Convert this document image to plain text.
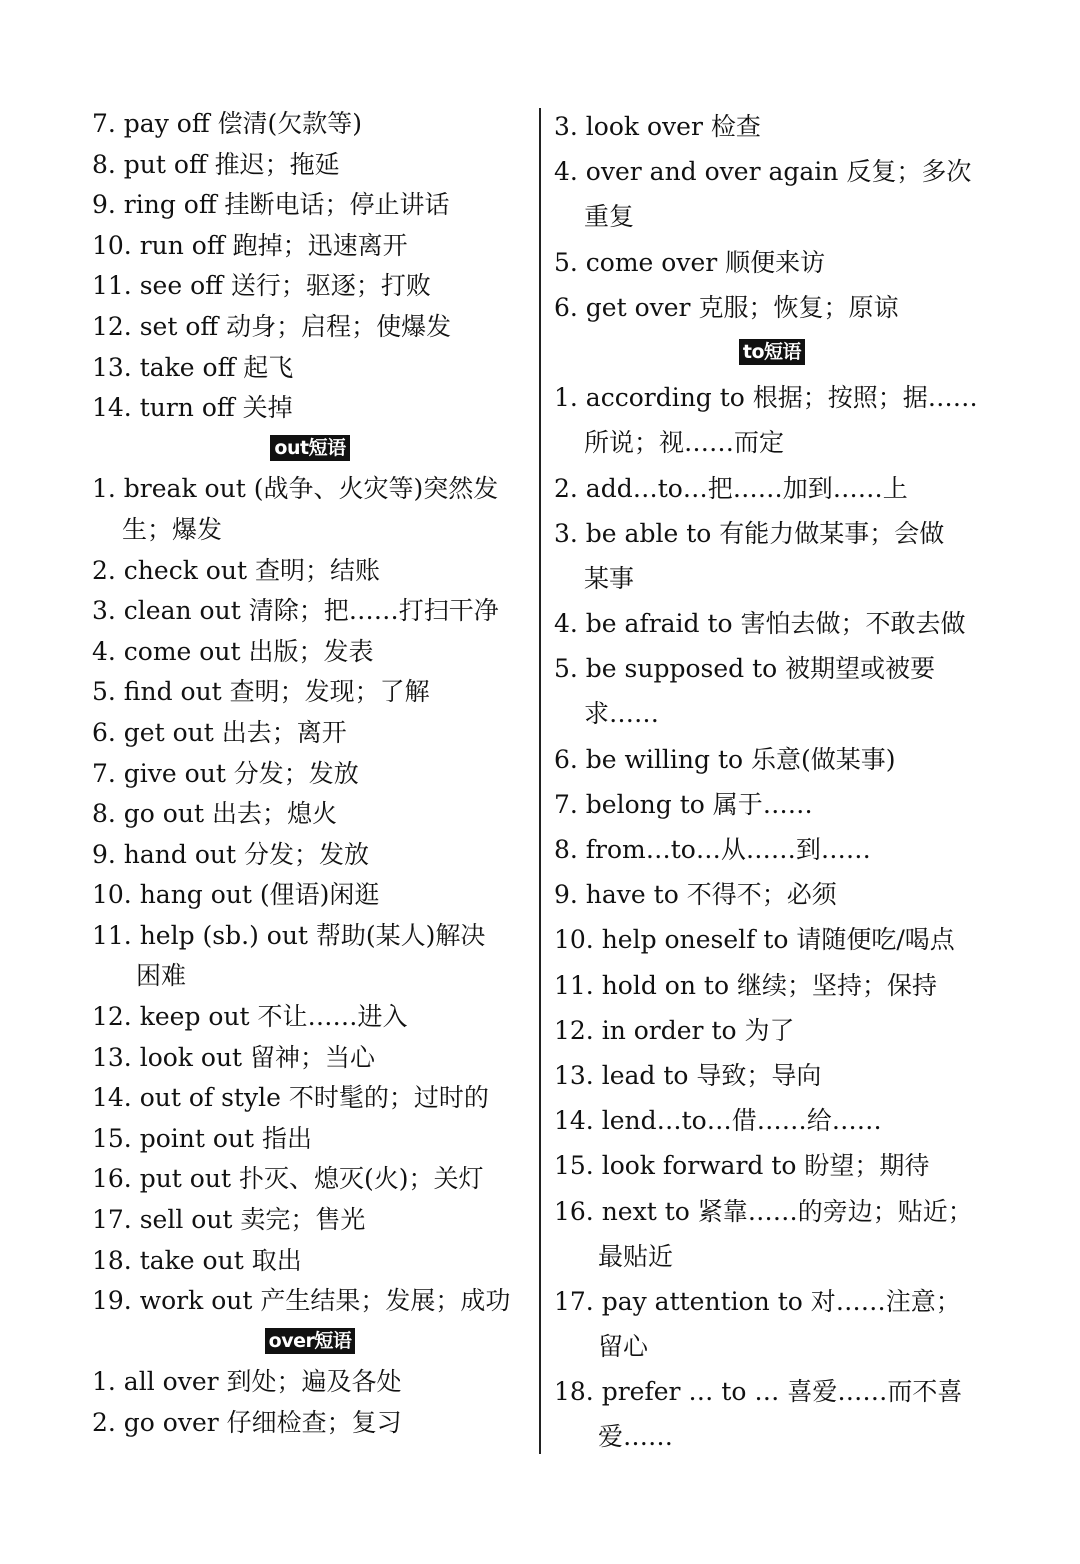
7. pay off 偿清(欠款等)
8. put off 推迟；拖延
9. ring off 挂断电话；停止讲话
10. run off 跑掉；迅速离开
11. see off 送行；驱逐；打败
12. set off 动身；启程；使爆发
13. take off 起飞
14. turn off 关掉
out短语
1. break out (战争、火灾等)突然发
生；爆发
2. check out 查明；结账
3. clean out 清除；把……打扫干净
4. come out 出版；发表
5. find out 查明；发现；了解
6. get out 出去；离开
7. give out 分发；发放
8. go out 出去；熄火
9. hand out 分发；发放
10. hang out (俚语)闲逛
11. help (sb.) out 帮助(某人)解决
困难
12. keep out 不让……进入
13. look out 留神；当心
14. out of style 不时髦的；过时的
15. point out 指出
16. put out 扑灭、熄灭(火)；关灯
17. sell out 卖完；售光
18. take out 取出
19. work out 产生结果；发展；成功
over短语
1. all over 到处；遍及各处
2. go over 仔细检查；复习
3. look over 检查
4. over and over again 反复；多次
重复
5. come over 顺便来访
6. get over 克服；恢复；原谅
to短语
1. according to 根据；按照；据……
所说；视……而定
2. add…to…把……加到……上
3. be able to 有能力做某事；会做
某事
4. be afraid to 害怕去做；不敢去做
5. be supposed to 被期望或被要
求……
6. be willing to 乐意(做某事)
7. belong to 属于……
8. from…to…从……到……
9. have to 不得不；必须
10. help oneself to 请随便吃/喝点
11. hold on to 继续；坚持；保持
12. in order to 为了
13. lead to 导致；导向
14. lend…to…借……给……
15. look forward to 盼望；期待
16. next to 紧靠……的旁边；贴近；
最贴近
17. pay attention to 对……注意；
留心
18. prefer … to … 喜爱……而不喜
爱……
